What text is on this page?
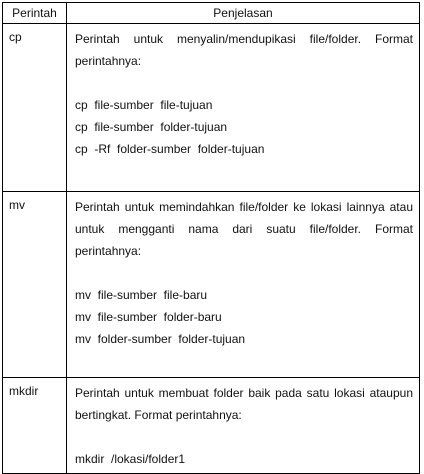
Perintah	Penjelasan
cp	Perintah untuk menyalin/mendupikasi file/folder. Format perintahnya:

cp  file-sumber  file-tujuan

cp  file-sumber  folder-tujuan

cp  -Rf  folder-sumber  folder-tujuan

mv	Perintah untuk memindahkan file/folder ke lokasi lainnya atau untuk mengganti nama dari suatu file/folder. Format perintahnya:

mv  file-sumber  file-baru

mv  file-sumber  folder-baru

mv  folder-sumber  folder-tujuan

mkdir	Perintah untuk membuat folder baik pada satu lokasi ataupun bertingkat. Format perintahnya:

mkdir  /lokasi/folder1
